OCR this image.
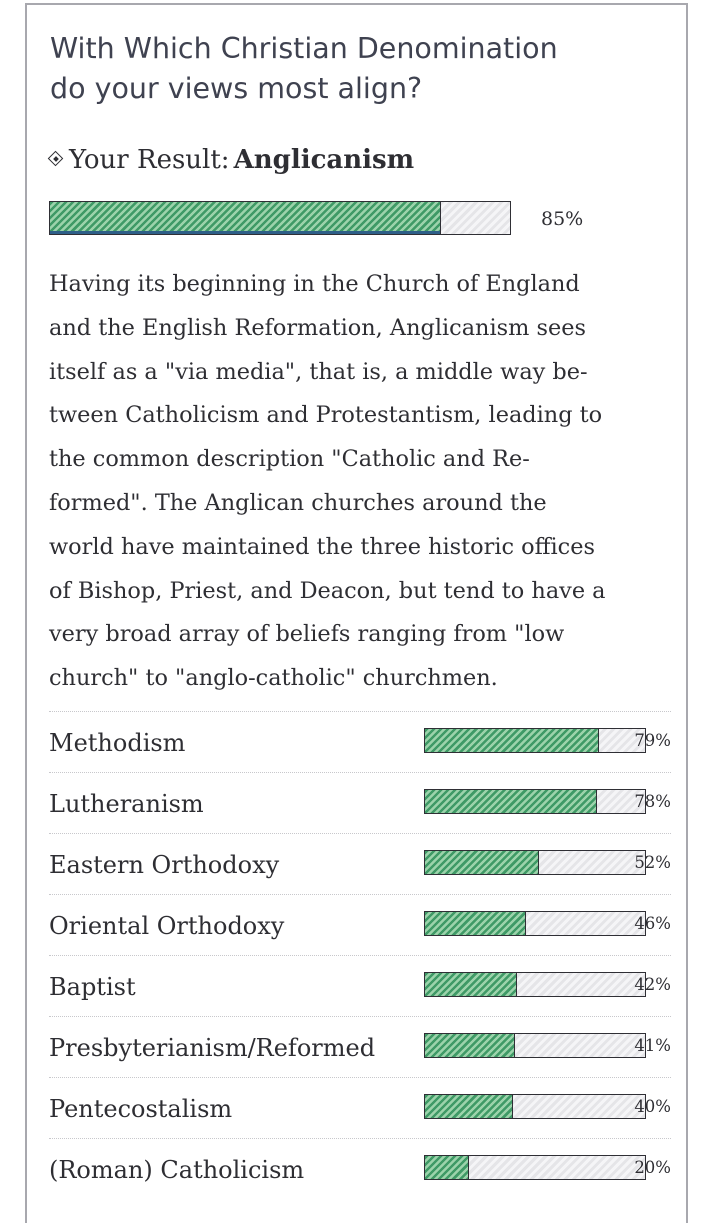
With Which Christian Denomination
do your views most align?
Your Result: Anglicanism
85%

Having its beginning in the Church of England
and the English Reformation, Anglicanism sees
itself as a "via media", that is, a middle way be-
tween Catholicism and Protestantism, leading to
the common description "Catholic and Re-
formed". The Anglican churches around the
world have maintained the three historic offices
of Bishop, Priest, and Deacon, but tend to have a
very broad array of beliefs ranging from "low
church" to "anglo-catholic" churchmen.

Methodism	79%
Lutheranism	78%
Eastern Orthodoxy	52%
Oriental Orthodoxy	46%
Baptist	42%
Presbyterianism/Reformed	41%
Pentecostalism	40%
(Roman) Catholicism	20%
